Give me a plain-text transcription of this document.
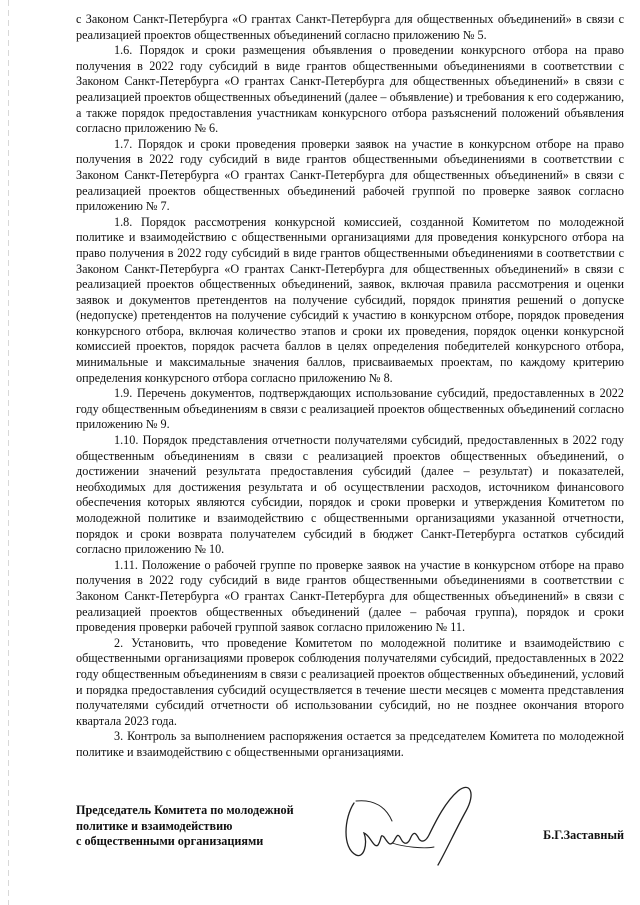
с Законом Санкт-Петербурга «О грантах Санкт-Петербурга для общественных объединений» в связи с реализацией проектов общественных объединений согласно приложению № 5.

1.6. Порядок и сроки размещения объявления о проведении конкурсного отбора на право получения в 2022 году субсидий в виде грантов общественными объединениями в соответствии с Законом Санкт-Петербурга «О грантах Санкт-Петербурга для общественных объединений» в связи с реализацией проектов общественных объединений (далее – объявление) и требования к его содержанию, а также порядок предоставления участникам конкурсного отбора разъяснений положений объявления согласно приложению № 6.

1.7. Порядок и сроки проведения проверки заявок на участие в конкурсном отборе на право получения в 2022 году субсидий в виде грантов общественными объединениями в соответствии с Законом Санкт-Петербурга «О грантах Санкт-Петербурга для общественных объединений» в связи с реализацией проектов общественных объединений рабочей группой по проверке заявок согласно приложению № 7.

1.8. Порядок рассмотрения конкурсной комиссией, созданной Комитетом по молодежной политике и взаимодействию с общественными организациями для проведения конкурсного отбора на право получения в 2022 году субсидий в виде грантов общественными объединениями в соответствии с Законом Санкт-Петербурга «О грантах Санкт-Петербурга для общественных объединений» в связи с реализацией проектов общественных объединений, заявок, включая правила рассмотрения и оценки заявок и документов претендентов на получение субсидий, порядок принятия решений о допуске (недопуске) претендентов на получение субсидий к участию в конкурсном отборе, порядок проведения конкурсного отбора, включая количество этапов и сроки их проведения, порядок оценки конкурсной комиссией проектов, порядок расчета баллов в целях определения победителей конкурсного отбора, минимальные и максимальные значения баллов, присваиваемых проектам, по каждому критерию определения конкурсного отбора согласно приложению № 8.

1.9. Перечень документов, подтверждающих использование субсидий, предоставленных в 2022 году общественным объединениям в связи с реализацией проектов общественных объединений согласно приложению № 9.

1.10. Порядок представления отчетности получателями субсидий, предоставленных в 2022 году общественным объединениям в связи с реализацией проектов общественных объединений, о достижении значений результата предоставления субсидий (далее – результат) и показателей, необходимых для достижения результата и об осуществлении расходов, источником финансового обеспечения которых являются субсидии, порядок и сроки проверки и утверждения Комитетом по молодежной политике и взаимодействию с общественными организациями указанной отчетности, порядок и сроки возврата получателем субсидий в бюджет Санкт-Петербурга остатков субсидий согласно приложению № 10.

1.11. Положение о рабочей группе по проверке заявок на участие в конкурсном отборе на право получения в 2022 году субсидий в виде грантов общественными объединениями в соответствии с Законом Санкт-Петербурга «О грантах Санкт-Петербурга для общественных объединений» в связи с реализацией проектов общественных объединений (далее – рабочая группа), порядок и сроки проведения проверки рабочей группой заявок согласно приложению № 11.

2. Установить, что проведение Комитетом по молодежной политике и взаимодействию с общественными организациями проверок соблюдения получателями субсидий, предоставленных в 2022 году общественным объединениям в связи с реализацией проектов общественных объединений, условий и порядка предоставления субсидий осуществляется в течение шести месяцев с момента представления получателями субсидий отчетности об использовании субсидий, но не позднее окончания второго квартала 2023 года.

3. Контроль за выполнением распоряжения остается за председателем Комитета по молодежной политике и взаимодействию с общественными организациями.

Председатель Комитета по молодежной
политике и взаимодействию
с общественными организациями	Б.Г.Заставный
